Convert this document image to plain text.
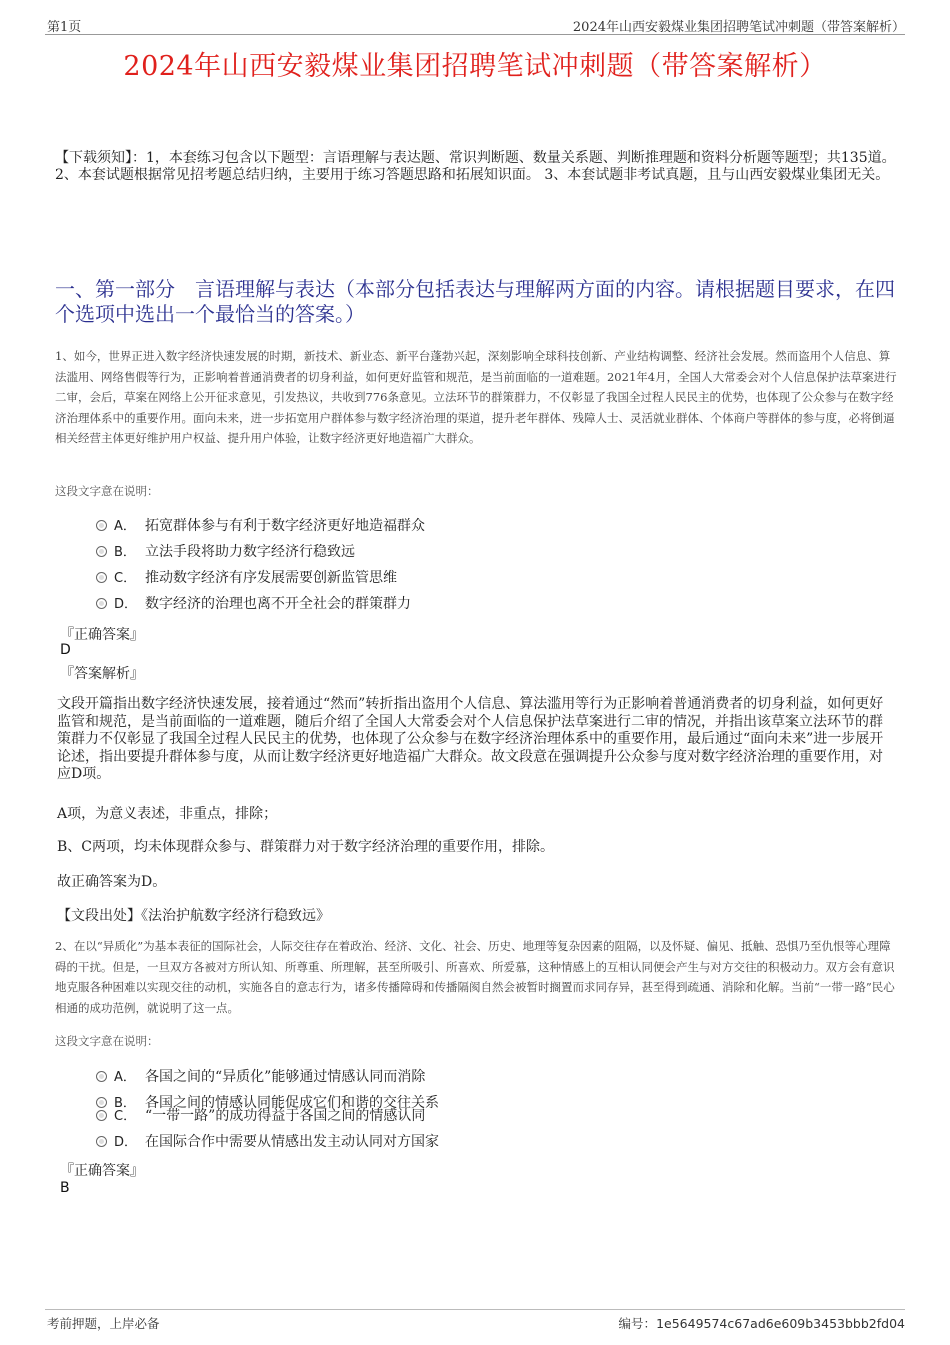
第1页	2024年山西安毅煤业集团招聘笔试冲刺题（带答案解析）
2024年山西安毅煤业集团招聘笔试冲刺题（带答案解析）
【下载须知】：1，本套练习包含以下题型：言语理解与表达题、常识判断题、数量关系题、判断推理题和资料分析题等题型；共135道。 2、本套试题根据常见招考题总结归纳，主要用于练习答题思路和拓展知识面。 3、本套试题非考试真题，且与山西安毅煤业集团无关。
一、第一部分　言语理解与表达（本部分包括表达与理解两方面的内容。请根据题目要求，在四个选项中选出一个最恰当的答案。）
1、如今，世界正进入数字经济快速发展的时期，新技术、新业态、新平台蓬勃兴起，深刻影响全球科技创新、产业结构调整、经济社会发展。然而盗用个人信息、算法滥用、网络售假等行为，正影响着普通消费者的切身利益，如何更好监管和规范，是当前面临的一道难题。2021年4月，全国人大常委会对个人信息保护法草案进行二审，会后，草案在网络上公开征求意见，引发热议，共收到776条意见。立法环节的群策群力，不仅彰显了我国全过程人民民主的优势，也体现了公众参与在数字经济治理体系中的重要作用。面向未来，进一步拓宽用户群体参与数字经济治理的渠道，提升老年群体、残障人士、灵活就业群体、个体商户等群体的参与度，必将倒逼相关经营主体更好维护用户权益、提升用户体验，让数字经济更好地造福广大群众。
这段文字意在说明：
A． 拓宽群体参与有利于数字经济更好地造福群众
B． 立法手段将助力数字经济行稳致远
C． 推动数字经济有序发展需要创新监管思维
D． 数字经济的治理也离不开全社会的群策群力
『正确答案』
D
『答案解析』
文段开篇指出数字经济快速发展，接着通过“然而”转折指出盗用个人信息、算法滥用等行为正影响着普通消费者的切身利益，如何更好监管和规范，是当前面临的一道难题，随后介绍了全国人大常委会对个人信息保护法草案进行二审的情况，并指出该草案立法环节的群策群力不仅彰显了我国全过程人民民主的优势，也体现了公众参与在数字经济治理体系中的重要作用，最后通过“面向未来”进一步展开论述，指出要提升群体参与度，从而让数字经济更好地造福广大群众。故文段意在强调提升公众参与度对数字经济治理的重要作用，对应D项。
A项，为意义表述，非重点，排除；
B、C两项，均未体现群众参与、群策群力对于数字经济治理的重要作用，排除。
故正确答案为D。
【文段出处】《法治护航数字经济行稳致远》
2、在以“异质化”为基本表征的国际社会，人际交往存在着政治、经济、文化、社会、历史、地理等复杂因素的阻隔，以及怀疑、偏见、抵触、恐惧乃至仇恨等心理障碍的干扰。但是，一旦双方各被对方所认知、所尊重、所理解，甚至所吸引、所喜欢、所爱慕，这种情感上的互相认同便会产生与对方交往的积极动力。双方会有意识地克服各种困难以实现交往的动机，实施各自的意志行为，诸多传播障碍和传播隔阂自然会被暂时搁置而求同存异，甚至得到疏通、消除和化解。当前“一带一路”民心相通的成功范例，就说明了这一点。
这段文字意在说明：
A． 各国之间的“异质化”能够通过情感认同而消除
B． 各国之间的情感认同能促成它们和谐的交往关系
C． “一带一路”的成功得益于各国之间的情感认同
D． 在国际合作中需要从情感出发主动认同对方国家
『正确答案』
B
考前押题，上岸必备	编号：1e5649574c67ad6e609b3453bbb2fd04
